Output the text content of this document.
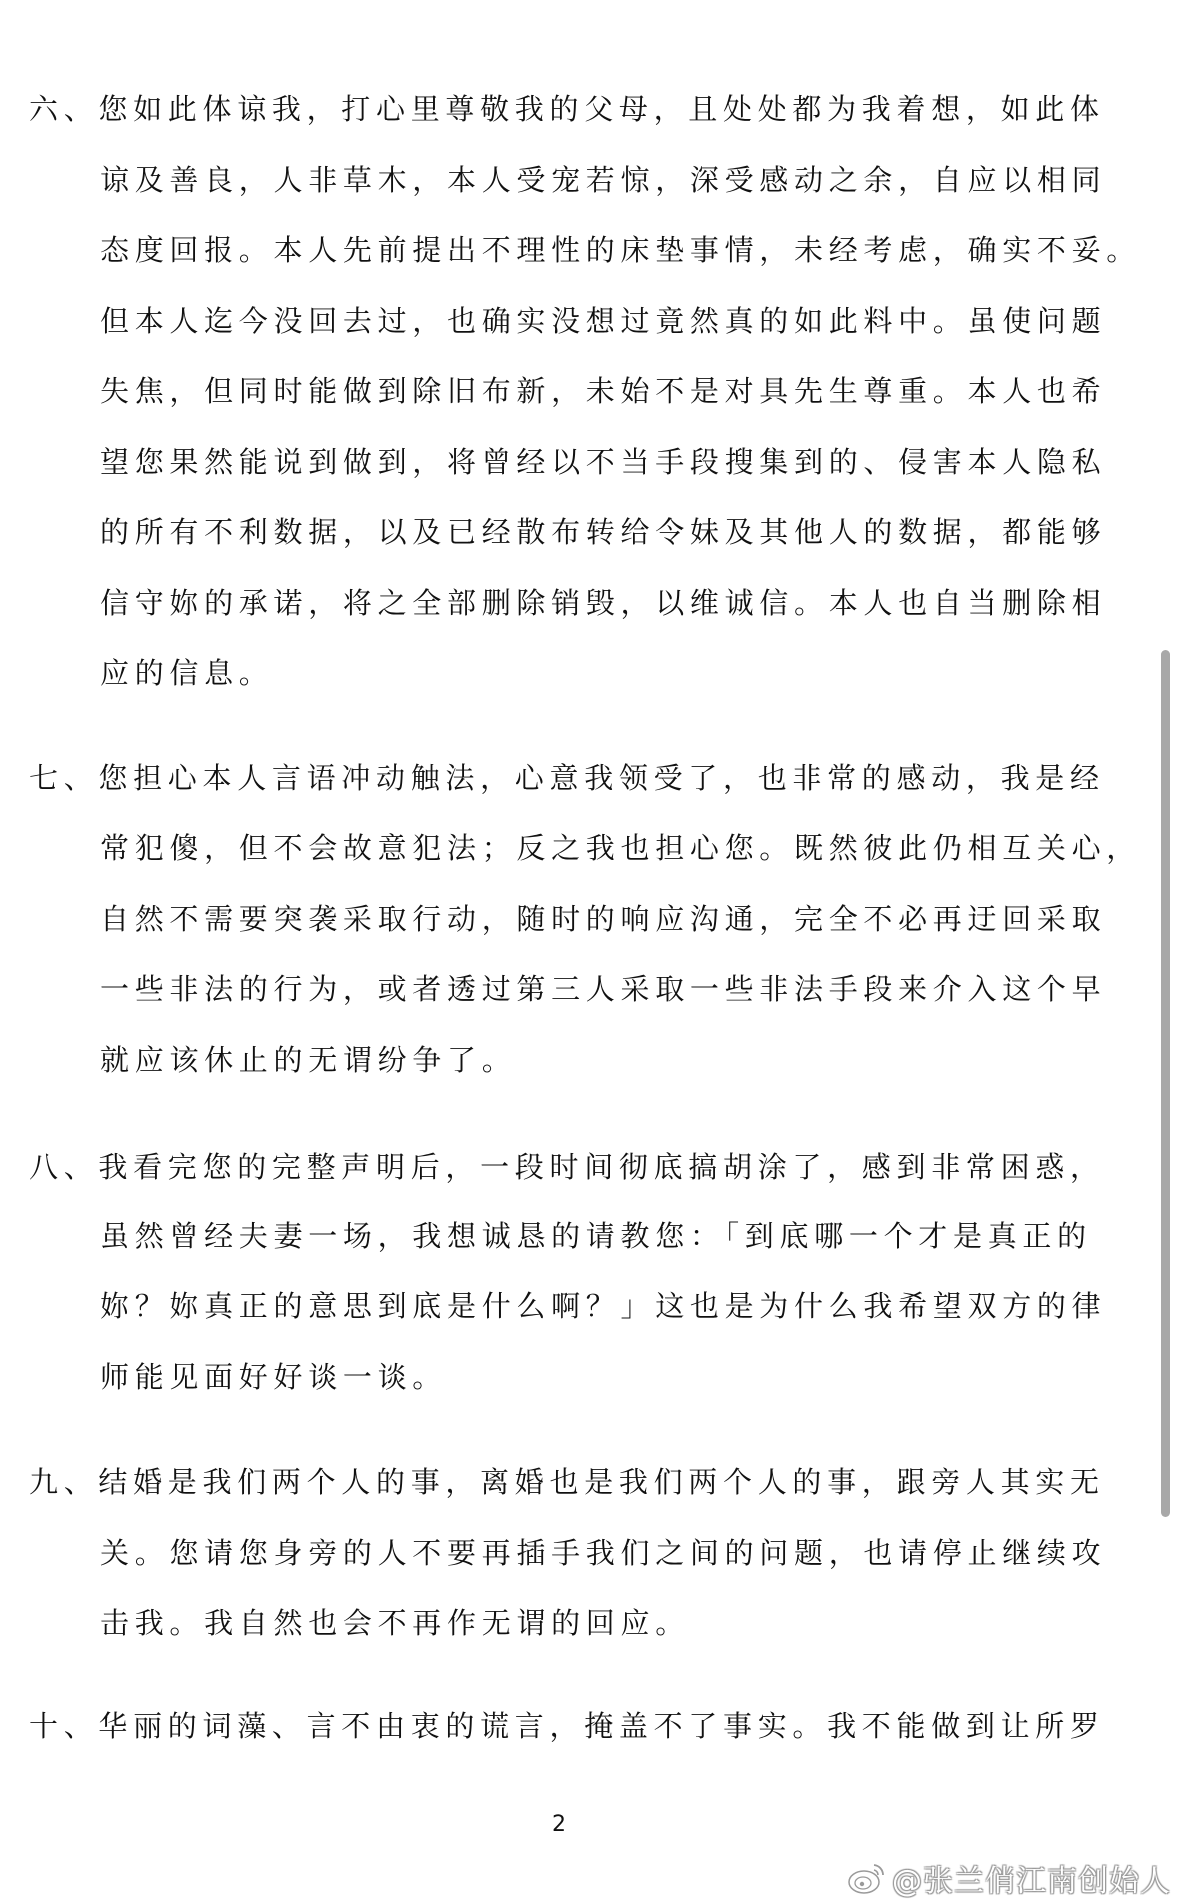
六、您如此体谅我，打心里尊敬我的父母，且处处都为我着想，如此体
谅及善良，人非草木，本人受宠若惊，深受感动之余，自应以相同
态度回报。本人先前提出不理性的床垫事情，未经考虑，确实不妥。
但本人迄今没回去过，也确实没想过竟然真的如此料中。虽使问题
失焦，但同时能做到除旧布新，未始不是对具先生尊重。本人也希
望您果然能说到做到，将曾经以不当手段搜集到的、侵害本人隐私
的所有不利数据，以及已经散布转给令妹及其他人的数据，都能够
信守妳的承诺，将之全部删除销毁，以维诚信。本人也自当删除相
应的信息。
七、您担心本人言语冲动触法，心意我领受了，也非常的感动，我是经
常犯傻，但不会故意犯法；反之我也担心您。既然彼此仍相互关心，
自然不需要突袭采取行动，随时的响应沟通，完全不必再迂回采取
一些非法的行为，或者透过第三人采取一些非法手段来介入这个早
就应该休止的无谓纷争了。
八、我看完您的完整声明后，一段时间彻底搞胡涂了，感到非常困惑，
虽然曾经夫妻一场，我想诚恳的请教您：「到底哪一个才是真正的
妳？妳真正的意思到底是什么啊？」这也是为什么我希望双方的律
师能见面好好谈一谈。
九、结婚是我们两个人的事，离婚也是我们两个人的事，跟旁人其实无
关。您请您身旁的人不要再插手我们之间的问题，也请停止继续攻
击我。我自然也会不再作无谓的回应。
十、华丽的词藻、言不由衷的谎言，掩盖不了事实。我不能做到让所罗
2
@张兰俏江南创始人
